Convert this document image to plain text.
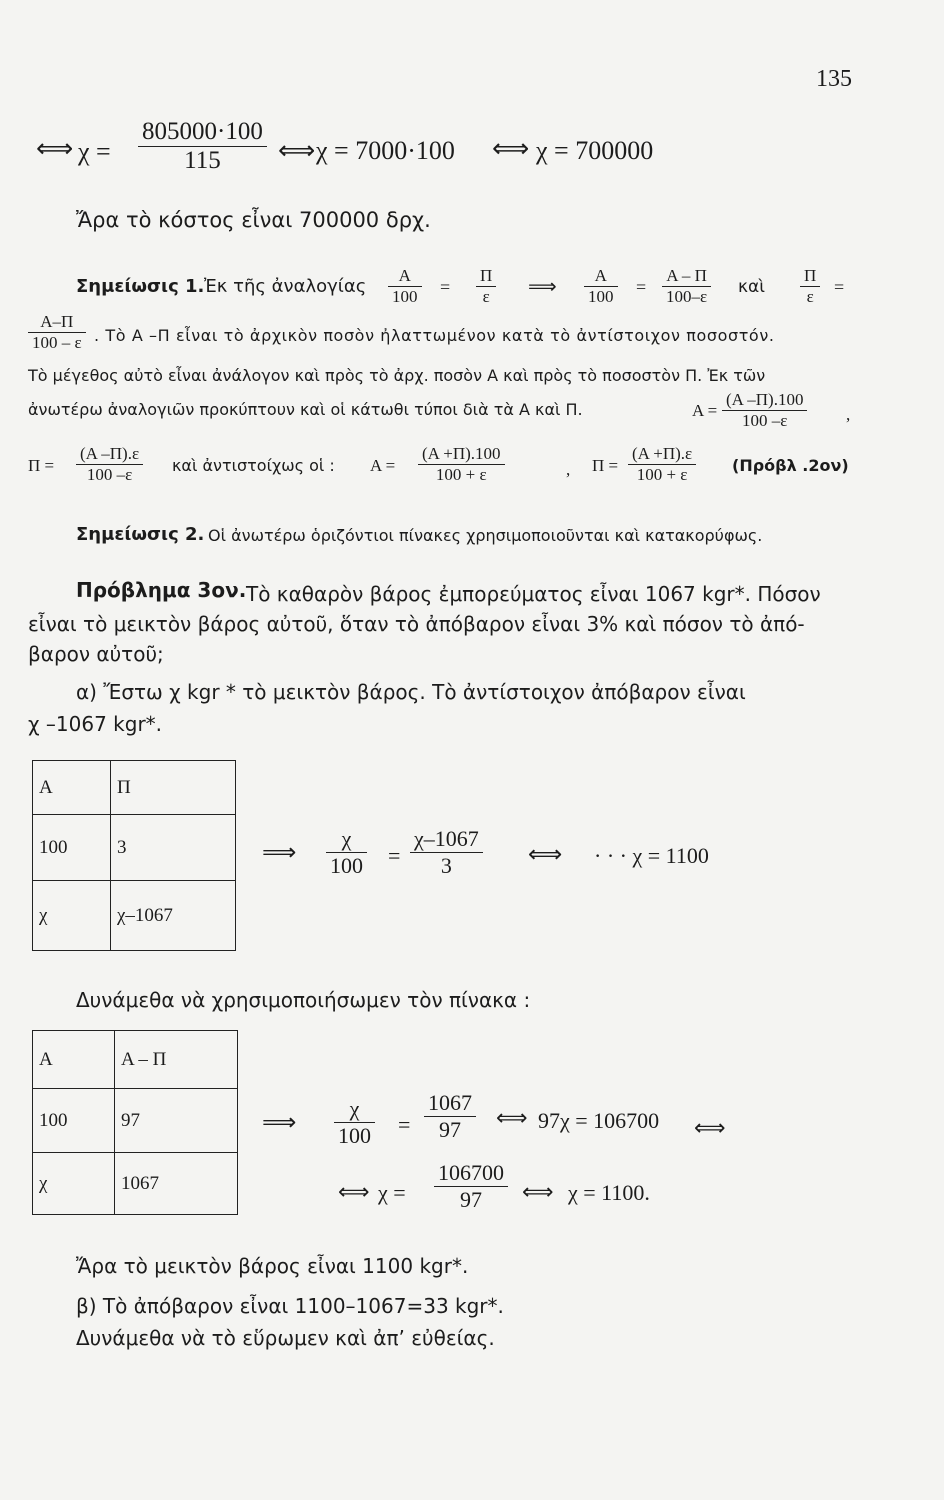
135
⟺ χ =
805000·100
115 ⟺ χ = 7000·100 ⟺ χ = 700000
Ἄρα τὸ κόστος εἶναι 700000 δρχ.
Σημείωσις 1. Ἐκ τῆς ἀναλογίας
A
100 =
Π
ε ⟹ A
100 =
A – Π
100–ε καὶ
Π
ε =
A–Π
100 – ε . Τὸ A –Π εἶναι τὸ ἀρχικὸν ποσὸν ἠλαττωμένον κατὰ τὸ ἀντίστοιχον ποσοστόν.
Τὸ μέγεθος αὐτὸ εἶναι ἀνάλογον καὶ πρὸς τὸ ἀρχ. ποσὸν A καὶ πρὸς τὸ ποσοστὸν Π. Ἐκ τῶν
ἀνωτέρω ἀναλογιῶν προκύπτουν καὶ οἱ κάτωθι τύποι διὰ τὰ A καὶ Π.	A =
(A –Π).100
100 –ε	,
Π =
(A –Π).ε
100 –ε καὶ ἀντιστοίχως οἱ : A =
(A +Π).100
100 + ε	, Π =
(A +Π).ε
100 + ε	(Πρόβλ .2ον)
Σημείωσις 2. Οἱ ἀνωτέρω ὁριζόντιοι πίνακες χρησιμοποιοῦνται καὶ κατακορύφως.
Πρόβλημα 3ον. Τὸ καθαρὸν βάρος ἐμπορεύματος εἶναι 1067 kgr*. Πόσον
εἶναι τὸ μεικτὸν βάρος αὐτοῦ, ὅταν τὸ ἀπόβαρον εἶναι 3% καὶ πόσον τὸ ἀπό-
βαρον αὐτοῦ;
α) Ἔστω χ kgr * τὸ μεικτὸν βάρος. Τὸ ἀντίστοιχον ἀπόβαρον εἶναι
χ –1067 kgr*.
A	Π
100	3
χ	χ–1067
⟹ χ
100 =
χ–1067
3	⟺ · · · χ = 1100
Δυνάμεθα νὰ χρησιμοποιήσωμεν τὸν πίνακα :
A	A – Π
100	97
χ	1067
⟹ χ
100 =
1067
97 ⟺ 97χ = 106700 ⟺
⟺ χ =
106700
97 ⟺ χ = 1100.
Ἄρα τὸ μεικτὸν βάρος εἶναι 1100 kgr*.
β) Τὸ ἀπόβαρον εἶναι 1100–1067=33 kgr*.
Δυνάμεθα νὰ τὸ εὕρωμεν καὶ ἀπ’ εὐθείας.
